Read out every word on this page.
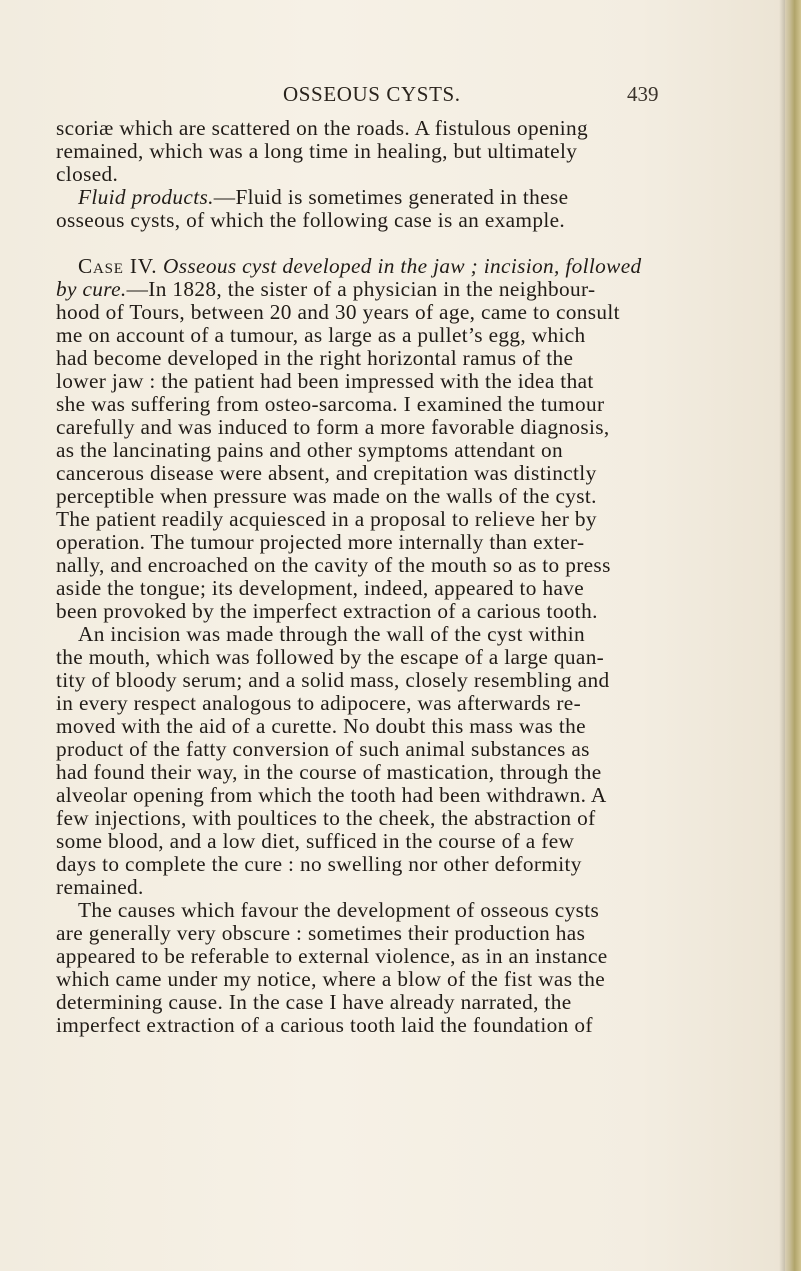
OSSEOUS CYSTS.	439
scoriæ which are scattered on the roads. A fistulous opening
remained, which was a long time in healing, but ultimately
closed.
Fluid products.—Fluid is sometimes generated in these
osseous cysts, of which the following case is an example.
Case IV. Osseous cyst developed in the jaw ; incision, followed
by cure.—In 1828, the sister of a physician in the neighbour-
hood of Tours, between 20 and 30 years of age, came to consult
me on account of a tumour, as large as a pullet’s egg, which
had become developed in the right horizontal ramus of the
lower jaw : the patient had been impressed with the idea that
she was suffering from osteo-sarcoma. I examined the tumour
carefully and was induced to form a more favorable diagnosis,
as the lancinating pains and other symptoms attendant on
cancerous disease were absent, and crepitation was distinctly
perceptible when pressure was made on the walls of the cyst.
The patient readily acquiesced in a proposal to relieve her by
operation. The tumour projected more internally than exter-
nally, and encroached on the cavity of the mouth so as to press
aside the tongue; its development, indeed, appeared to have
been provoked by the imperfect extraction of a carious tooth.
An incision was made through the wall of the cyst within
the mouth, which was followed by the escape of a large quan-
tity of bloody serum; and a solid mass, closely resembling and
in every respect analogous to adipocere, was afterwards re-
moved with the aid of a curette. No doubt this mass was the
product of the fatty conversion of such animal substances as
had found their way, in the course of mastication, through the
alveolar opening from which the tooth had been withdrawn. A
few injections, with poultices to the cheek, the abstraction of
some blood, and a low diet, sufficed in the course of a few
days to complete the cure : no swelling nor other deformity
remained.
The causes which favour the development of osseous cysts
are generally very obscure : sometimes their production has
appeared to be referable to external violence, as in an instance
which came under my notice, where a blow of the fist was the
determining cause. In the case I have already narrated, the
imperfect extraction of a carious tooth laid the foundation of
